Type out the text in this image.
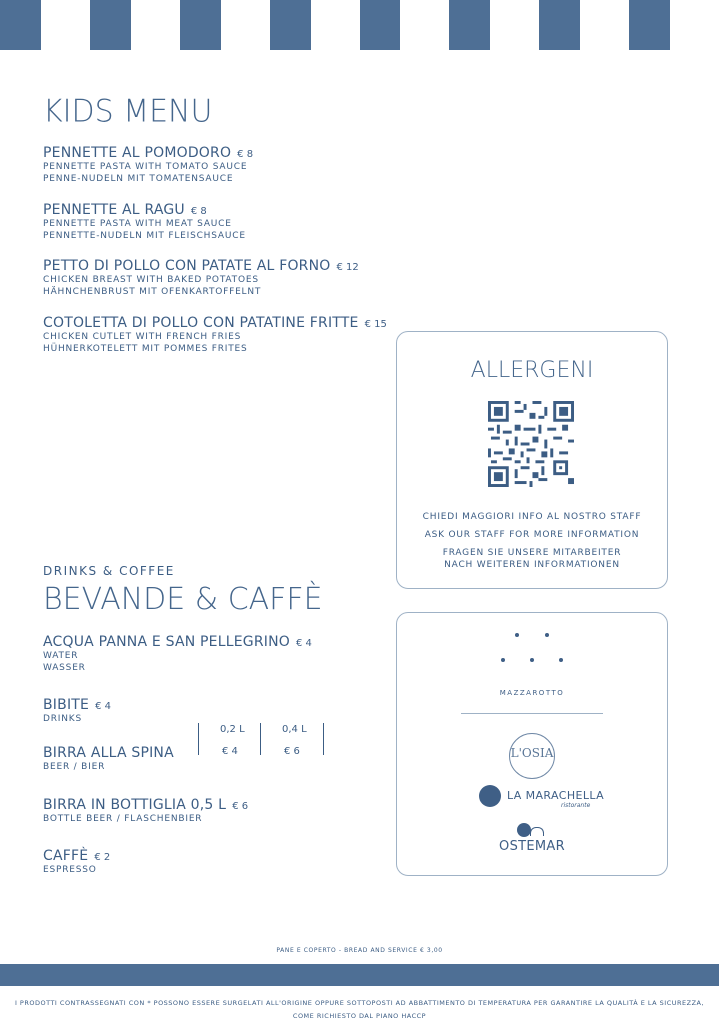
KIDS MENU
PENNETTE AL POMODORO € 8
PENNETTE PASTA WITH TOMATO SAUCE
PENNE-NUDELN MIT TOMATENSAUCE
PENNETTE AL RAGU € 8
PENNETTE PASTA WITH MEAT SAUCE
PENNETTE-NUDELN MIT FLEISCHSAUCE
PETTO DI POLLO CON PATATE AL FORNO € 12
CHICKEN BREAST WITH BAKED POTATOES
HÄHNCHENBRUST MIT OFENKARTOFFELNT
COTOLETTA DI POLLO CON PATATINE FRITTE € 15
CHICKEN CUTLET WITH FRENCH FRIES
HÜHNERKOTELETT MIT POMMES FRITES
ALLERGENI
CHIEDI MAGGIORI INFO AL NOSTRO STAFF
ASK OUR STAFF FOR MORE INFORMATION
FRAGEN SIE UNSERE MITARBEITER
NACH WEITEREN INFORMATIONEN
MAZZAROTTO
L'OSIA
LA MARACHELLA
ristorante
OSTEMAR
DRINKS & COFFEE
BEVANDE & CAFFÈ
ACQUA PANNA E SAN PELLEGRINO € 4
WATER
WASSER
BIBITE € 4
DRINKS
BIRRA ALLA SPINA
BEER / BIER
BIRRA IN BOTTIGLIA 0,5 L € 6
BOTTLE BEER / FLASCHENBIER
CAFFÈ € 2
ESPRESSO
0,2 L
€ 4
0,4 L
€ 6
PANE E COPERTO - BREAD AND SERVICE € 3,00
I PRODOTTI CONTRASSEGNATI CON * POSSONO ESSERE SURGELATI ALL'ORIGINE OPPURE SOTTOPOSTI AD ABBATTIMENTO DI TEMPERATURA PER GARANTIRE LA QUALITÀ E LA SICUREZZA,
COME RICHIESTO DAL PIANO HACCP
